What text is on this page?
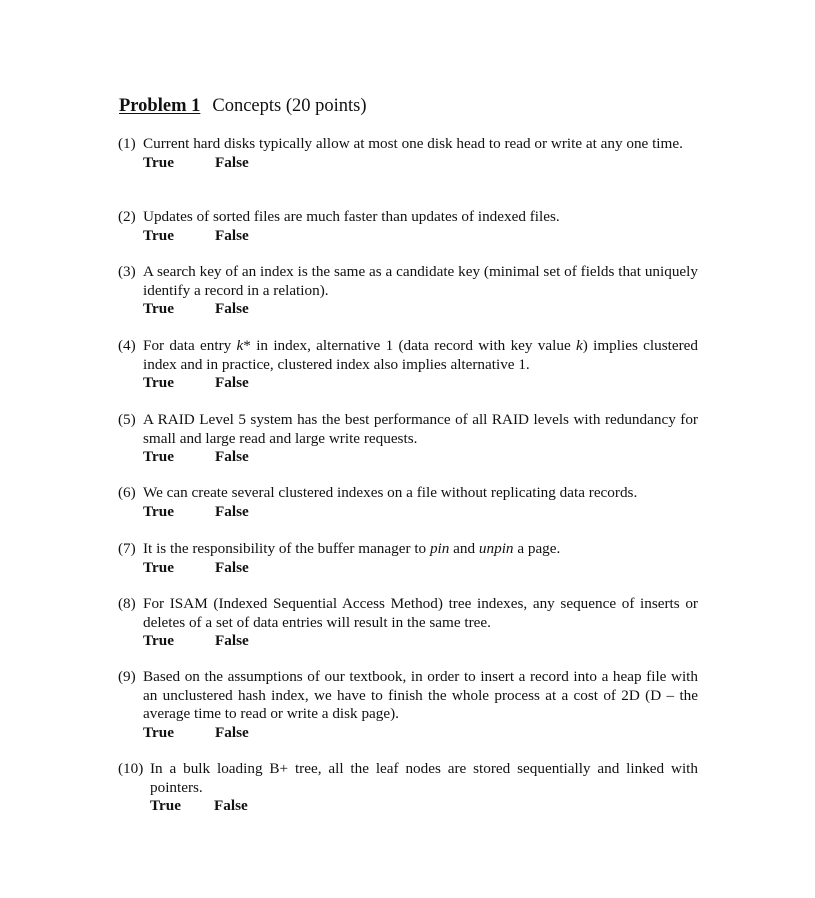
Problem 1 Concepts (20 points)
(1) Current hard disks typically allow at most one disk head to read or write at any one time.
True	False
(2) Updates of sorted files are much faster than updates of indexed files.
True	False
(3) A search key of an index is the same as a candidate key (minimal set of fields that uniquely identify a record in a relation).
True	False
(4) For data entry k* in index, alternative 1 (data record with key value k) implies clustered index and in practice, clustered index also implies alternative 1.
True	False
(5) A RAID Level 5 system has the best performance of all RAID levels with redundancy for small and large read and large write requests.
True	False
(6) We can create several clustered indexes on a file without replicating data records.
True	False
(7) It is the responsibility of the buffer manager to pin and unpin a page.
True	False
(8) For ISAM (Indexed Sequential Access Method) tree indexes, any sequence of inserts or deletes of a set of data entries will result in the same tree.
True	False
(9) Based on the assumptions of our textbook, in order to insert a record into a heap file with an unclustered hash index, we have to finish the whole process at a cost of 2D (D – the average time to read or write a disk page).
True	False
(10) In a bulk loading B+ tree, all the leaf nodes are stored sequentially and linked with pointers.
True False
